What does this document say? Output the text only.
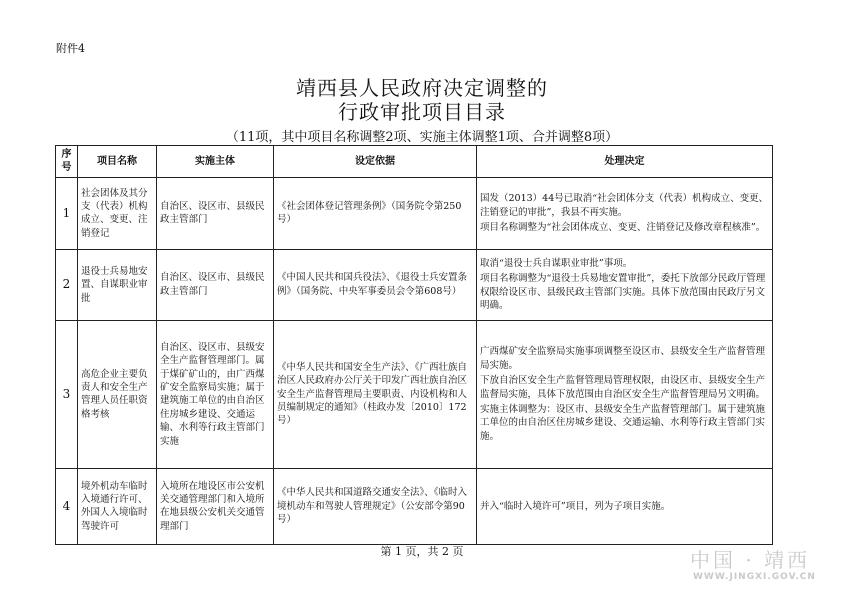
附件4
靖西县人民政府决定调整的
行政审批项目目录
（11项，其中项目名称调整2项、实施主体调整1项、合并调整8项）
序号	项目名称	实施主体	设定依据	处理决定
1	社会团体及其分支（代表）机构成立、变更、注销登记	自治区、设区市、县级民政主管部门	《社会团体登记管理条例》（国务院令第250号）	国发（2013）44号已取消“社会团体分支（代表）机构成立、变更、注销登记的审批”，我县不再实施。

项目名称调整为“社会团体成立、变更、注销登记及修改章程核准”。

2	退役士兵易地安置、自谋职业审批	自治区、设区市、县级民政主管部门	《中国人民共和国兵役法》、《退役士兵安置条例》（国务院、中央军事委员会令第608号）	取消“退役士兵自谋职业审批”事项。

项目名称调整为“退役士兵易地安置审批”，委托下放部分民政厅管理权限给设区市、县级民政主管部门实施。具体下放范围由民政厅另文明确。

3	高危企业主要负责人和安全生产管理人员任职资格考核	自治区、设区市、县级安全生产监督管理部门。属于煤矿矿山的，由广西煤矿安全监察局实施；属于建筑施工单位的由自治区住房城乡建设、交通运输、水利等行政主管部门实施	《中华人民共和国安全生产法》、《广西壮族自治区人民政府办公厅关于印发广西壮族自治区安全生产监督管理局主要职责、内设机构和人员编制规定的通知》（桂政办发〔2010〕172号）	广西煤矿安全监察局实施事项调整至设区市、县级安全生产监督管理局实施。

下放自治区安全生产监督管理局管理权限，由设区市、县级安全生产监督局实施，具体下放范围由自治区安全生产监督管理局另文明确。

实施主体调整为：设区市、县级安全生产监督管理部门。属于建筑施工单位的由自治区住房城乡建设、交通运输、水利等行政主管部门实施。

4	境外机动车临时入境通行许可、外国人入境临时驾驶许可	入境所在地设区市公安机关交通管理部门和入境所在地县级公安机关交通管理部门	《中华人民共和国道路交通安全法》、《临时入境机动车和驾驶人管理规定》（公安部令第90号）	并入“临时入境许可”项目，列为子项目实施。

第 1 页，共 2 页	中国 · 靖西
WWW.JINGXI.GOV.CN
